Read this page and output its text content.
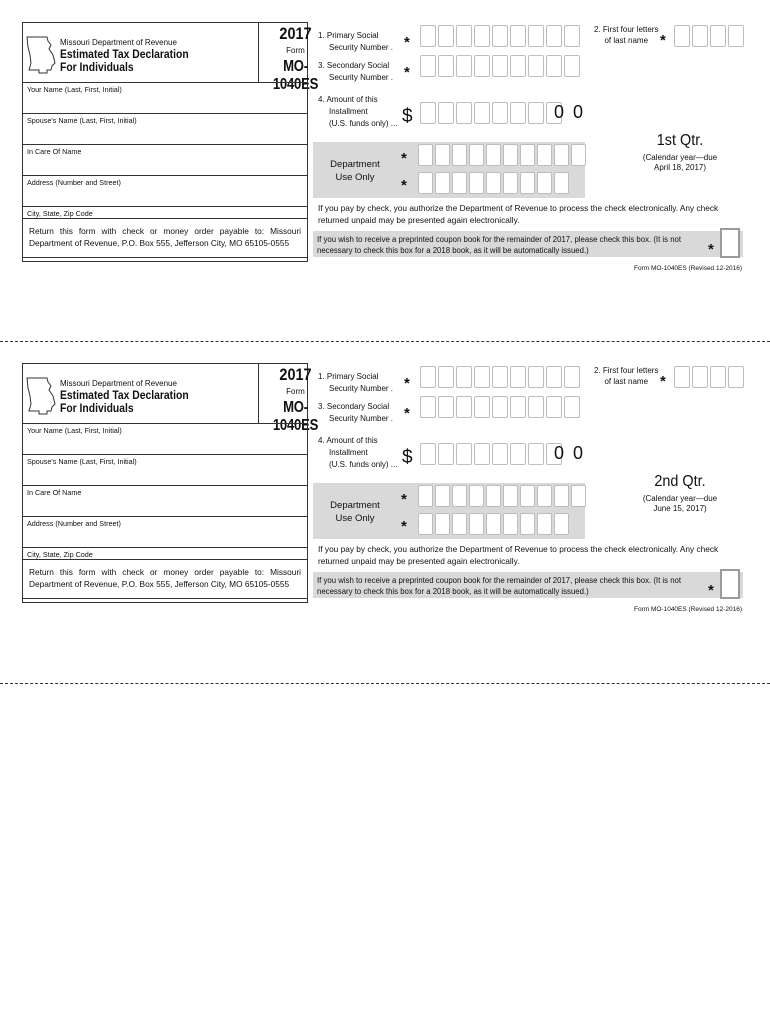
Missouri Department of Revenue
Estimated Tax Declaration
For Individuals
2017
Form
MO-1040ES
Your Name (Last, First, Initial)
Spouse's Name (Last, First, Initial)
In Care Of Name
Address (Number and Street)
City, State, Zip Code
Return this form with check or money order payable to: Missouri Department of Revenue, P.O. Box 555, Jefferson City, MO 65105-0555
1. Primary Social
Security Number . *
3. Secondary Social
Security Number . *
4. Amount of this
Installment
(U.S. funds only) ... $	0 0
2. First four letters
of last name *
Department
Use Only
*
*
1st Qtr.
(Calendar year—due
April 18, 2017)
If you pay by check, you authorize the Department of Revenue to process the check electronically. Any check returned unpaid may be presented again electronically.
If you wish to receive a preprinted coupon book for the remainder of 2017, please check this box. (It is not necessary to check this box for a 2018 book, as it will be automatically issued.)	*
Form MO-1040ES (Revised 12-2016)
Missouri Department of Revenue
Estimated Tax Declaration
For Individuals
2017
Form
MO-1040ES
Your Name (Last, First, Initial)
Spouse's Name (Last, First, Initial)
In Care Of Name
Address (Number and Street)
City, State, Zip Code
Return this form with check or money order payable to: Missouri Department of Revenue, P.O. Box 555, Jefferson City, MO 65105-0555
1. Primary Social
Security Number . *
3. Secondary Social
Security Number . *
4. Amount of this
Installment
(U.S. funds only) ... $	0 0
2. First four letters
of last name *
Department
Use Only
*
*
2nd Qtr.
(Calendar year—due
June 15, 2017)
If you pay by check, you authorize the Department of Revenue to process the check electronically. Any check returned unpaid may be presented again electronically.
If you wish to receive a preprinted coupon book for the remainder of 2017, please check this box. (It is not necessary to check this box for a 2018 book, as it will be automatically issued.)	*
Form MO-1040ES (Revised 12-2016)
